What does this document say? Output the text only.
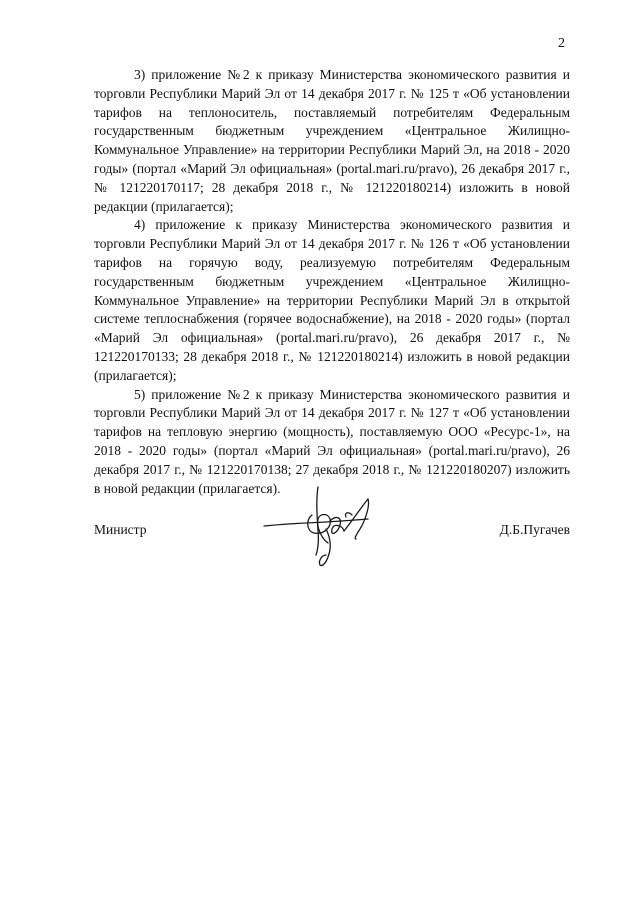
2

3) приложение №2 к приказу Министерства экономического развития и торговли Республики Марий Эл от 14 декабря 2017 г. № 125 т «Об установлении тарифов на теплоноситель, поставляемый потребителям Федеральным государственным бюджетным учреждением «Центральное Жилищно-Коммунальное Управление» на территории Республики Марий Эл, на 2018 - 2020 годы» (портал «Марий Эл официальная» (portal.mari.ru/pravo), 26 декабря 2017 г., № 121220170117; 28 декабря 2018 г., № 121220180214) изложить в новой редакции (прилагается);

4) приложение к приказу Министерства экономического развития и торговли Республики Марий Эл от 14 декабря 2017 г. № 126 т «Об установлении тарифов на горячую воду, реализуемую потребителям Федеральным государственным бюджетным учреждением «Центральное Жилищно-Коммунальное Управление» на территории Республики Марий Эл в открытой системе теплоснабжения (горячее водоснабжение), на 2018 - 2020 годы» (портал «Марий Эл официальная» (portal.mari.ru/pravo), 26 декабря 2017 г., № 121220170133; 28 декабря 2018 г., № 121220180214) изложить в новой редакции (прилагается);

5) приложение №2 к приказу Министерства экономического развития и торговли Республики Марий Эл от 14 декабря 2017 г. № 127 т «Об установлении тарифов на тепловую энергию (мощность), поставляемую ООО «Ресурс-1», на 2018 - 2020 годы» (портал «Марий Эл официальная» (portal.mari.ru/pravo), 26 декабря 2017 г., № 121220170138; 27 декабря 2018 г., № 121220180207) изложить в новой редакции (прилагается).

Министр	Д.Б.Пугачев
